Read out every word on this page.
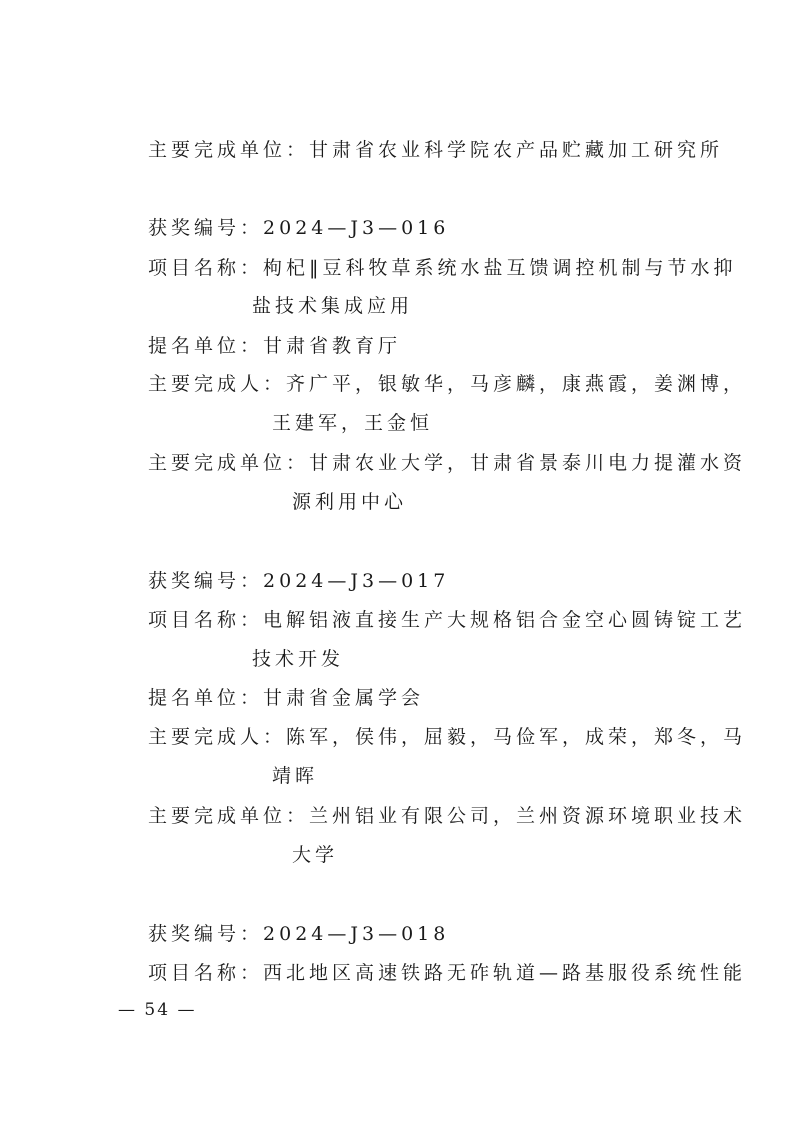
主要完成单位：甘肃省农业科学院农产品贮藏加工研究所
获奖编号：2024—J3—016
项目名称：枸杞‖豆科牧草系统水盐互馈调控机制与节水抑
盐技术集成应用
提名单位：甘肃省教育厅
主要完成人：齐广平，银敏华，马彦麟，康燕霞，姜渊博，
王建军，王金恒
主要完成单位：甘肃农业大学，甘肃省景泰川电力提灌水资
源利用中心
获奖编号：2024—J3—017
项目名称：电解铝液直接生产大规格铝合金空心圆铸锭工艺
技术开发
提名单位：甘肃省金属学会
主要完成人：陈军，侯伟，屈毅，马俭军，成荣，郑冬，马
靖晖
主要完成单位：兰州铝业有限公司，兰州资源环境职业技术
大学
获奖编号：2024—J3—018
项目名称：西北地区高速铁路无砟轨道—路基服役系统性能
— 54 —
